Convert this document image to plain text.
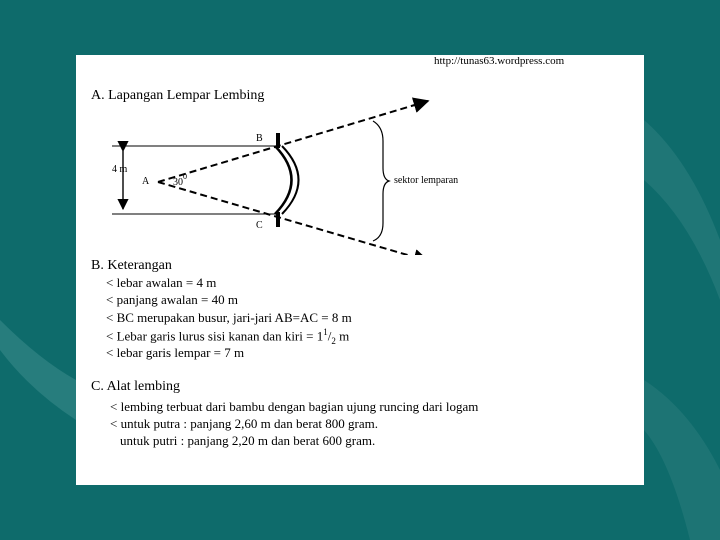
http://tunas63.wordpress.com
A. Lapangan Lempar Lembing
B
C
A
4 m
$30^0$	sektor lemparan
B. Keterangan
< lebar awalan = 4 m
< panjang awalan = 40 m
< BC merupakan busur, jari-jari AB=AC = 8 m
< Lebar garis lurus sisi kanan dan kiri = $1^1/_2$ m
< lebar garis lempar = 7 m
C. Alat lembing
< lembing terbuat dari bambu dengan bagian ujung runcing dari logam
< untuk putra : panjang 2,60 m dan berat 800 gram.
untuk putri : panjang 2,20 m dan berat 600 gram.
